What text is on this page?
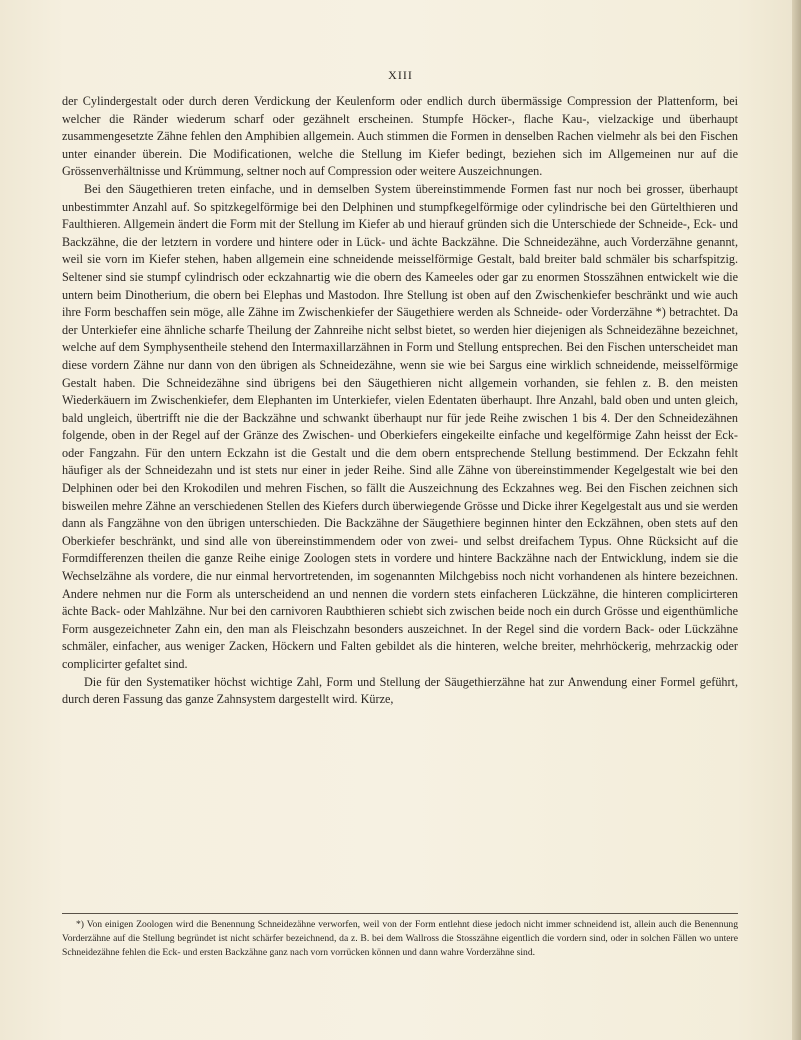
XIII

der Cylindergestalt oder durch deren Verdickung der Keulenform oder endlich durch übermässige Compression der Plattenform, bei welcher die Ränder wiederum scharf oder gezähnelt erscheinen. Stumpfe Höcker-, flache Kau-, vielzackige und überhaupt zusammengesetzte Zähne fehlen den Amphibien allgemein. Auch stimmen die Formen in denselben Rachen vielmehr als bei den Fischen unter einander überein. Die Modificationen, welche die Stellung im Kiefer bedingt, beziehen sich im Allgemeinen nur auf die Grössenverhältnisse und Krümmung, seltner noch auf Compression oder weitere Auszeichnungen.

Bei den Säugethieren treten einfache, und in demselben System übereinstimmende Formen fast nur noch bei grosser, überhaupt unbestimmter Anzahl auf. So spitzkegelförmige bei den Delphinen und stumpfkegelförmige oder cylindrische bei den Gürtelthieren und Faulthieren. Allgemein ändert die Form mit der Stellung im Kiefer ab und hierauf gründen sich die Unterschiede der Schneide-, Eck- und Backzähne, die der letztern in vordere und hintere oder in Lück- und ächte Backzähne. Die Schneidezähne, auch Vorderzähne genannt, weil sie vorn im Kiefer stehen, haben allgemein eine schneidende meisselförmige Gestalt, bald breiter bald schmäler bis scharfspitzig. Seltener sind sie stumpf cylindrisch oder eckzahnartig wie die obern des Kameeles oder gar zu enormen Stosszähnen entwickelt wie die untern beim Dinotherium, die obern bei Elephas und Mastodon. Ihre Stellung ist oben auf den Zwischenkiefer beschränkt und wie auch ihre Form beschaffen sein möge, alle Zähne im Zwischenkiefer der Säugethiere werden als Schneide- oder Vorderzähne *) betrachtet. Da der Unterkiefer eine ähnliche scharfe Theilung der Zahnreihe nicht selbst bietet, so werden hier diejenigen als Schneidezähne bezeichnet, welche auf dem Symphysentheile stehend den Intermaxillarzähnen in Form und Stellung entsprechen. Bei den Fischen unterscheidet man diese vordern Zähne nur dann von den übrigen als Schneidezähne, wenn sie wie bei Sargus eine wirklich schneidende, meisselförmige Gestalt haben. Die Schneidezähne sind übrigens bei den Säugethieren nicht allgemein vorhanden, sie fehlen z. B. den meisten Wiederkäuern im Zwischenkiefer, dem Elephanten im Unterkiefer, vielen Edentaten überhaupt. Ihre Anzahl, bald oben und unten gleich, bald ungleich, übertrifft nie die der Backzähne und schwankt überhaupt nur für jede Reihe zwischen 1 bis 4. Der den Schneidezähnen folgende, oben in der Regel auf der Gränze des Zwischen- und Oberkiefers eingekeilte einfache und kegelförmige Zahn heisst der Eck- oder Fangzahn. Für den untern Eckzahn ist die Gestalt und die dem obern entsprechende Stellung bestimmend. Der Eckzahn fehlt häufiger als der Schneidezahn und ist stets nur einer in jeder Reihe. Sind alle Zähne von übereinstimmender Kegelgestalt wie bei den Delphinen oder bei den Krokodilen und mehren Fischen, so fällt die Auszeichnung des Eckzahnes weg. Bei den Fischen zeichnen sich bisweilen mehre Zähne an verschiedenen Stellen des Kiefers durch überwiegende Grösse und Dicke ihrer Kegelgestalt aus und sie werden dann als Fangzähne von den übrigen unterschieden. Die Backzähne der Säugethiere beginnen hinter den Eckzähnen, oben stets auf den Oberkiefer beschränkt, und sind alle von übereinstimmendem oder von zwei- und selbst dreifachem Typus. Ohne Rücksicht auf die Formdifferenzen theilen die ganze Reihe einige Zoologen stets in vordere und hintere Backzähne nach der Entwicklung, indem sie die Wechselzähne als vordere, die nur einmal hervortretenden, im sogenannten Milchgebiss noch nicht vorhandenen als hintere bezeichnen. Andere nehmen nur die Form als unterscheidend an und nennen die vordern stets einfacheren Lückzähne, die hinteren complicirteren ächte Back- oder Mahlzähne. Nur bei den carnivoren Raubthieren schiebt sich zwischen beide noch ein durch Grösse und eigenthümliche Form ausgezeichneter Zahn ein, den man als Fleischzahn besonders auszeichnet. In der Regel sind die vordern Back- oder Lückzähne schmäler, einfacher, aus weniger Zacken, Höckern und Falten gebildet als die hinteren, welche breiter, mehrhöckerig, mehrzackig oder complicirter gefaltet sind.

Die für den Systematiker höchst wichtige Zahl, Form und Stellung der Säugethierzähne hat zur Anwendung einer Formel geführt, durch deren Fassung das ganze Zahnsystem dargestellt wird. Kürze,

*) Von einigen Zoologen wird die Benennung Schneidezähne verworfen, weil von der Form entlehnt diese jedoch nicht immer schneidend ist, allein auch die Benennung Vorderzähne auf die Stellung begründet ist nicht schärfer bezeichnend, da z. B. bei dem Wallross die Stosszähne eigentlich die vordern sind, oder in solchen Fällen wo untere Schneidezähne fehlen die Eck- und ersten Backzähne ganz nach vorn vorrücken können und dann wahre Vorderzähne sind.
